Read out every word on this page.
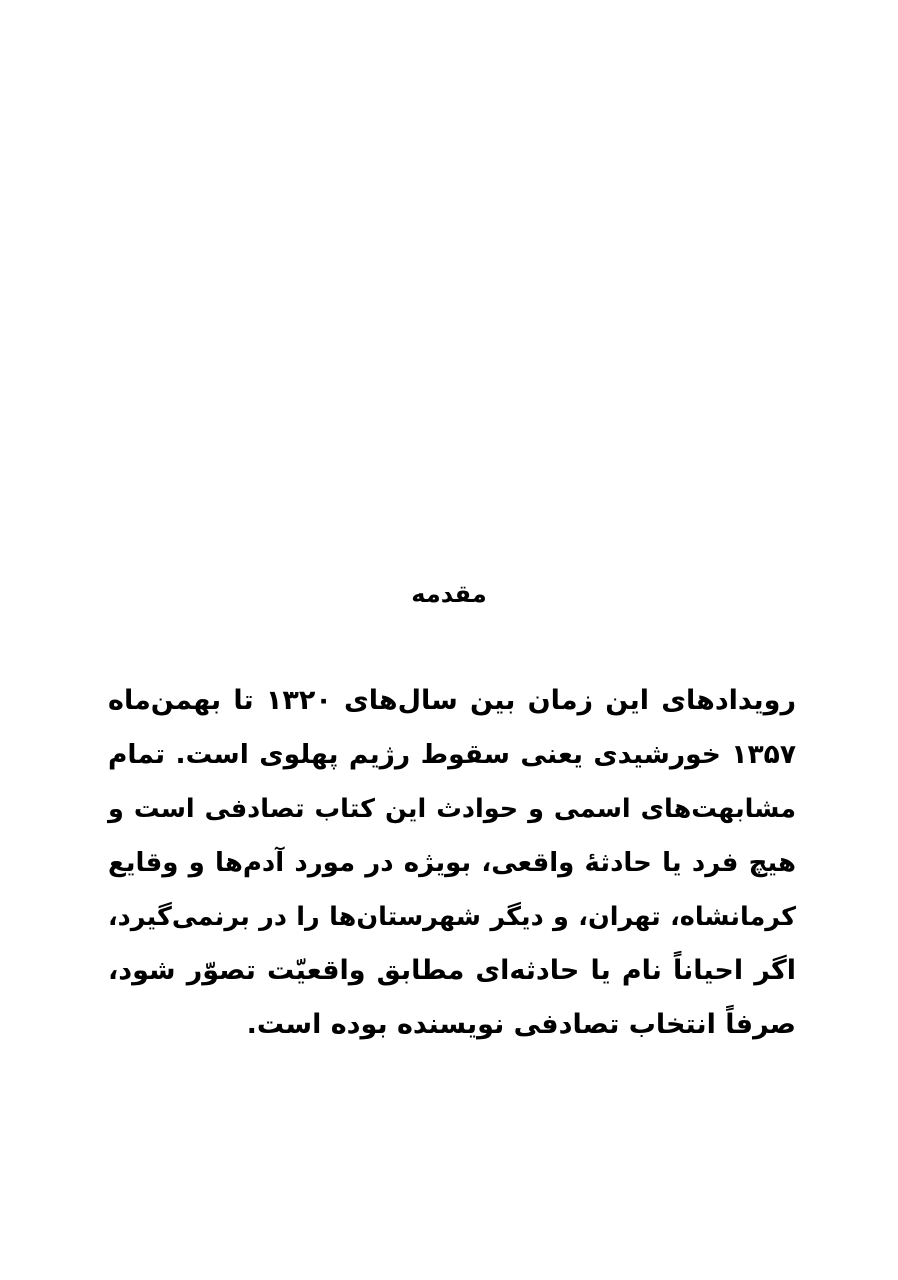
مقدمه
رویدادهای این زمان بین سال‌های ۱۳۲۰ تا بهمن‌ماه
۱۳۵۷ خورشیدی یعنی سقوط رژیم پهلوی است. تمام
مشابهت‌های اسمی و حوادث این کتاب تصادفی است و
هیچ فرد یا حادثهٔ واقعی، بویژه در مورد آدم‌ها و وقایع
کرمانشاه، تهران، و دیگر شهرستان‌ها را در برنمی‌گیرد،
اگر احیاناً نام یا حادثه‌ای مطابق واقعیّت تصوّر شود،
صرفاً انتخاب تصادفی نویسنده بوده است.
